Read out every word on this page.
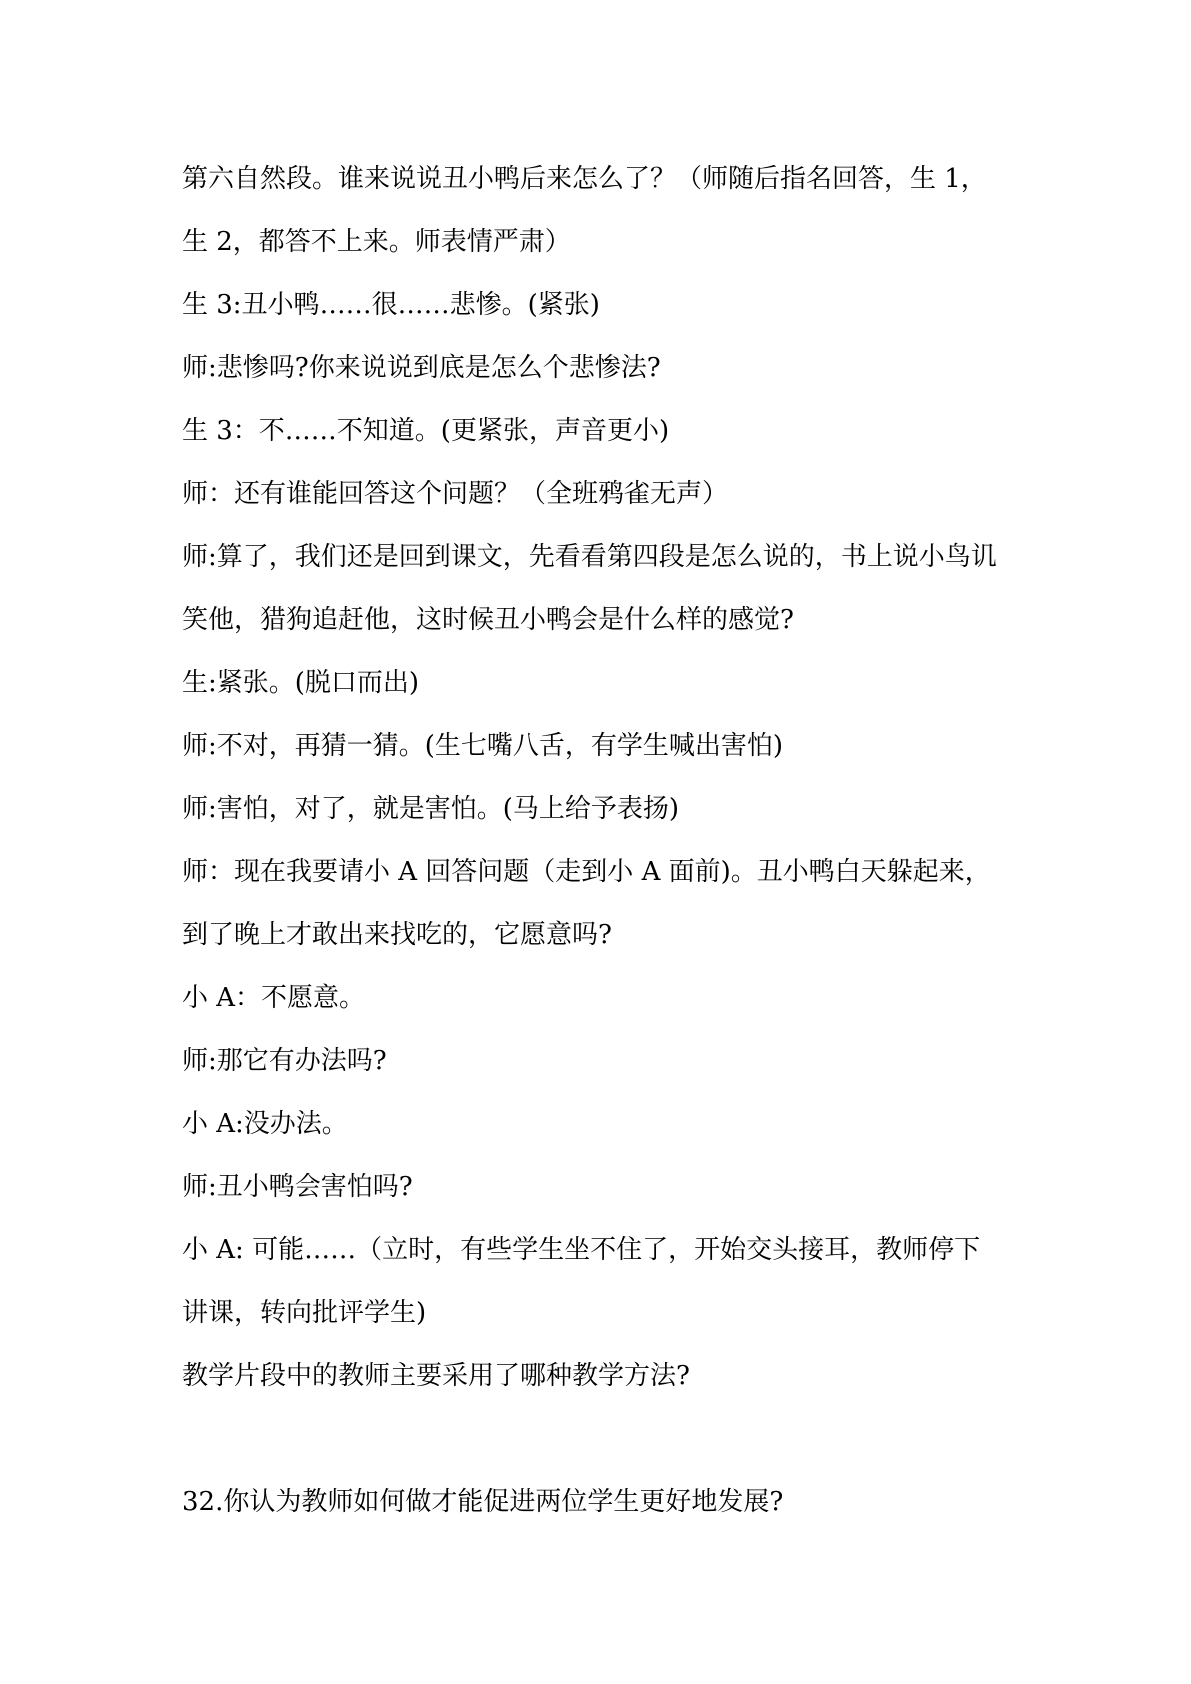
第六自然段。谁来说说丑小鸭后来怎么了？（师随后指名回答，生 1，
生 2，都答不上来。师表情严肃）
生 3:丑小鸭……很……悲惨。(紧张)
师:悲惨吗?你来说说到底是怎么个悲惨法?
生 3：不……不知道。(更紧张，声音更小)
师：还有谁能回答这个问题？（全班鸦雀无声）
师:算了，我们还是回到课文，先看看第四段是怎么说的，书上说小鸟讥
笑他，猎狗追赶他，这时候丑小鸭会是什么样的感觉?
生:紧张。(脱口而出)
师:不对，再猜一猜。(生七嘴八舌，有学生喊出害怕)
师:害怕，对了，就是害怕。(马上给予表扬)
师：现在我要请小 A 回答问题（走到小 A 面前)。丑小鸭白天躲起来，
到了晚上才敢出来找吃的，它愿意吗?
小 A：不愿意。
师:那它有办法吗?
小 A:没办法。
师:丑小鸭会害怕吗?
小 A: 可能……（立时，有些学生坐不住了，开始交头接耳，教师停下
讲课，转向批评学生)
教学片段中的教师主要采用了哪种教学方法?
32.你认为教师如何做才能促进两位学生更好地发展?
